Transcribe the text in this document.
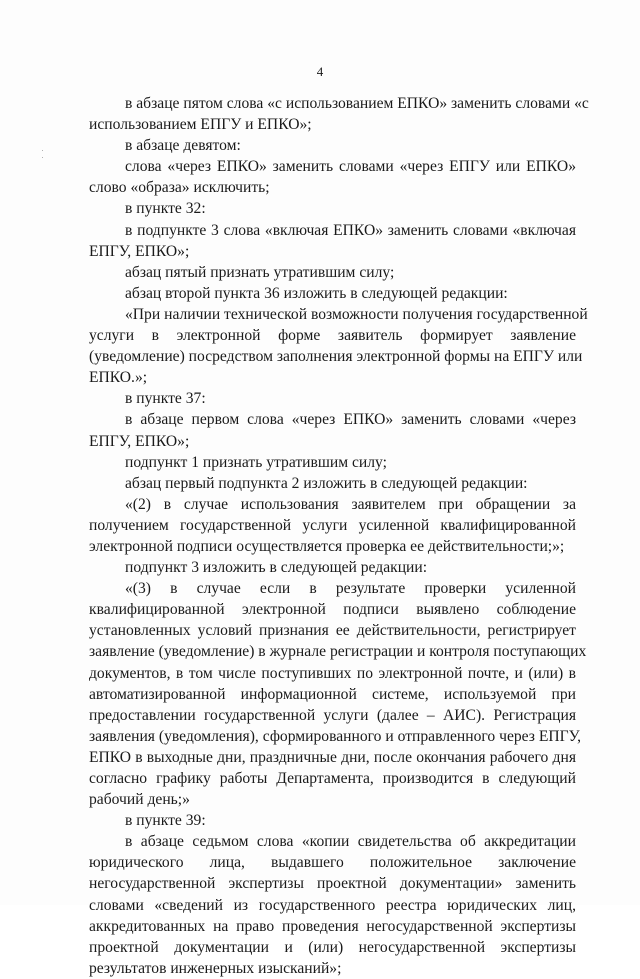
4
в абзаце пятом слова «с использованием ЕПКО» заменить словами «с
использованием ЕПГУ и ЕПКО»;
в абзаце девятом:
слова «через ЕПКО» заменить словами «через ЕПГУ или ЕПКО»
слово «образа» исключить;
в пункте 32:
в подпункте 3 слова «включая ЕПКО» заменить словами «включая
ЕПГУ, ЕПКО»;
абзац пятый признать утратившим силу;
абзац второй пункта 36 изложить в следующей редакции:
«При наличии технической возможности получения государственной
услуги в электронной форме заявитель формирует заявление
(уведомление) посредством заполнения электронной формы на ЕПГУ или
ЕПКО.»;
в пункте 37:
в абзаце первом слова «через ЕПКО» заменить словами «через
ЕПГУ, ЕПКО»;
подпункт 1 признать утратившим силу;
абзац первый подпункта 2 изложить в следующей редакции:
«(2) в случае использования заявителем при обращении за
получением государственной услуги усиленной квалифицированной
электронной подписи осуществляется проверка ее действительности;»;
подпункт 3 изложить в следующей редакции:
«(3) в случае если в результате проверки усиленной
квалифицированной электронной подписи выявлено соблюдение
установленных условий признания ее действительности, регистрирует
заявление (уведомление) в журнале регистрации и контроля поступающих
документов, в том числе поступивших по электронной почте, и (или) в
автоматизированной информационной системе, используемой при
предоставлении государственной услуги (далее – АИС). Регистрация
заявления (уведомления), сформированного и отправленного через ЕПГУ,
ЕПКО в выходные дни, праздничные дни, после окончания рабочего дня
согласно графику работы Департамента, производится в следующий
рабочий день;»
в пункте 39:
в абзаце седьмом слова «копии свидетельства об аккредитации
юридического лица, выдавшего положительное заключение
негосударственной экспертизы проектной документации» заменить
словами «сведений из государственного реестра юридических лиц,
аккредитованных на право проведения негосударственной экспертизы
проектной документации и (или) негосударственной экспертизы
результатов инженерных изысканий»;
